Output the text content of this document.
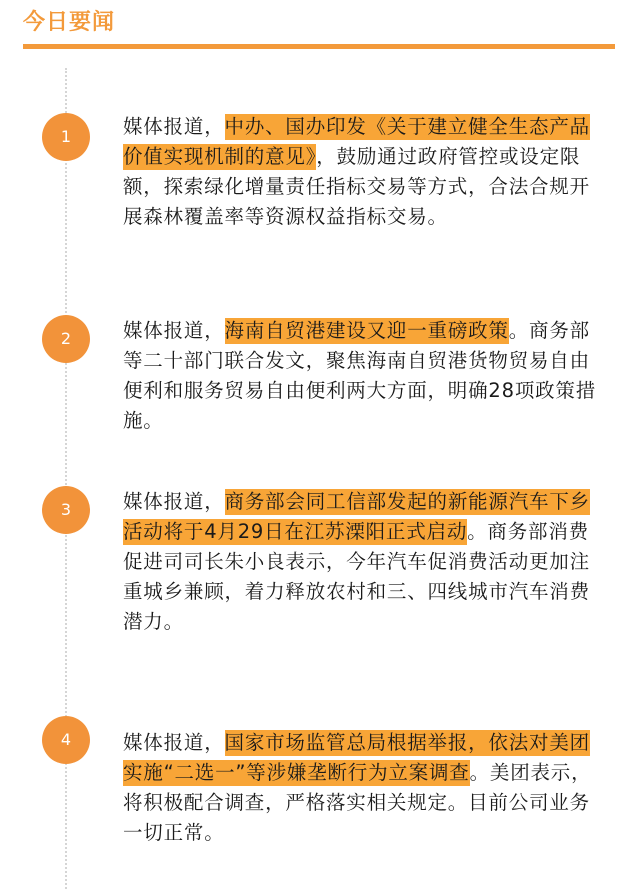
今日要闻
1	媒体报道，中办、国办印发《关于建立健全生态产品价值实现机制的意见》，鼓励通过政府管控或设定限额，探索绿化增量责任指标交易等方式，合法合规开展森林覆盖率等资源权益指标交易。

2	媒体报道，海南自贸港建设又迎一重磅政策。商务部等二十部门联合发文，聚焦海南自贸港货物贸易自由便利和服务贸易自由便利两大方面，明确28项政策措施。

3	媒体报道，商务部会同工信部发起的新能源汽车下乡活动将于4月29日在江苏溧阳正式启动。商务部消费促进司司长朱小良表示，今年汽车促消费活动更加注重城乡兼顾，着力释放农村和三、四线城市汽车消费潜力。

4	媒体报道，国家市场监管总局根据举报，依法对美团实施“二选一”等涉嫌垄断行为立案调查。美团表示，将积极配合调查，严格落实相关规定。目前公司业务一切正常。
